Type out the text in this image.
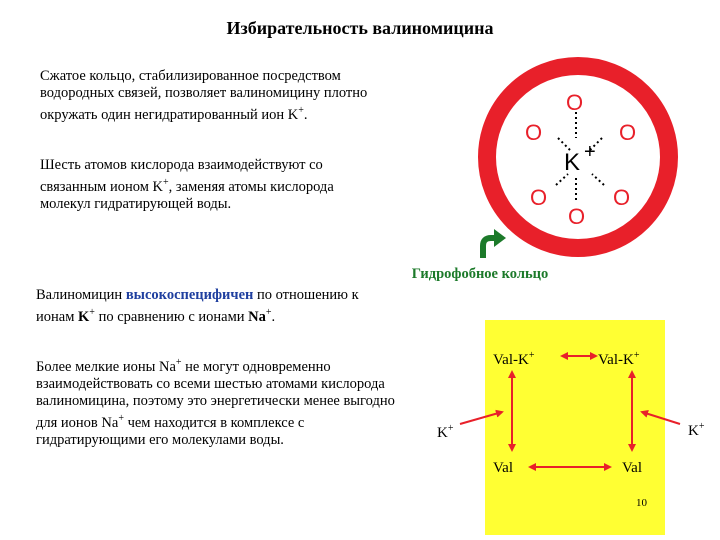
Избирательность валиномицина
Сжатое кольцо, стабилизированное посредством водородных связей, позволяет валиномицину плотно окружать один негидратированный ион K+.
Шесть атомов кислорода взаимодействуют со связанным ионом K+, заменяя атомы кислорода молекул гидратирующей воды.
Валиномицин высокоспецифичен по отношению к ионам K+ по сравнению с ионами Na+.
Более мелкие ионы Na+ не могут одновременно взаимодействовать со всеми шестью атомами кислорода валиномицина, поэтому это энергетически менее выгодно для ионов Na+ чем находится в комплексе с гидратирующими его молекулами воды.
Гидрофобное кольцо
O
O	O
O	O
O
K +
Val-K+	Val-K+
Val	Val
K+	K+
10
